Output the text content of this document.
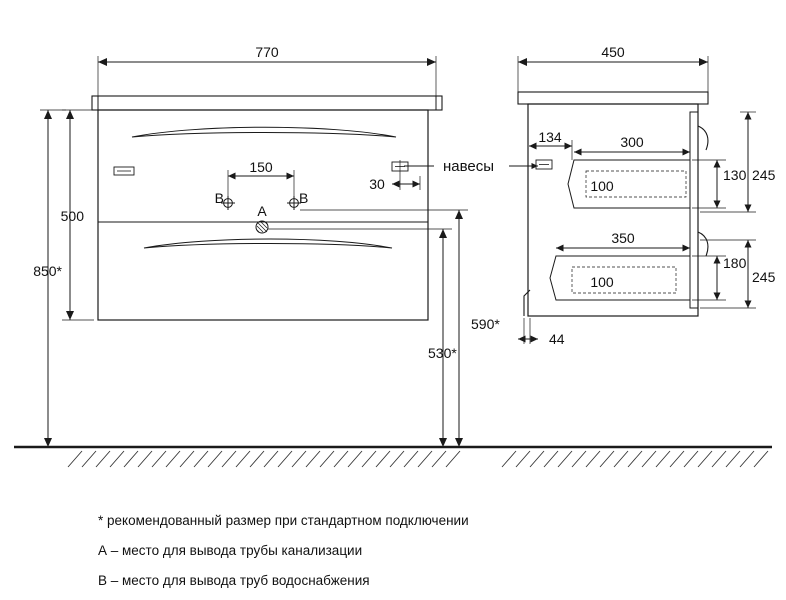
770	450
500
850*
150
30
B	B
A
590*
530*
навесы
134	300
100
350
100
130 245
180
245
44
* рекомендованный размер при стандартном подключении
А – место для вывода трубы канализации
В – место для вывода труб водоснабжения
